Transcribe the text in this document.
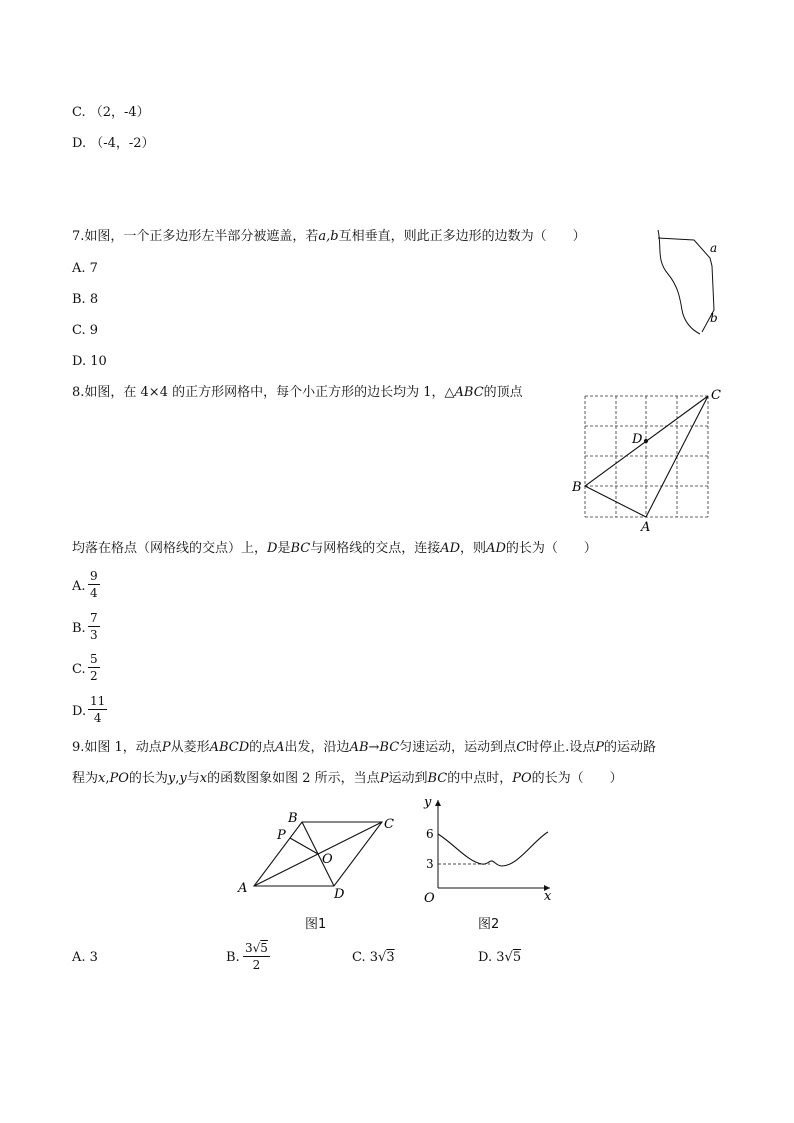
C. （2，-4）
D. （-4，-2）
7.如图，一个正多边形左半部分被遮盖，若a,b互相垂直，则此正多边形的边数为（　　）
A. 7
B. 8
C. 9
D. 10
a
b
8.如图，在 4×4 的正方形网格中，每个小正方形的边长均为 1，△ABC的顶点	C
D
B
A
均落在格点（网格线的交点）上，D是BC与网格线的交点，连接AD，则AD的长为（　　）
A. $\frac{9}{4}$
B. $\frac{7}{3}$
C. $\frac{5}{2}$
D. $\frac{11}{4}$
9.如图 1，动点P从菱形ABCD的点A出发，沿边AB→BC匀速运动，运动到点C时停止.设点P的运动路
程为x,PO的长为y,y与x的函数图象如图 2 所示，当点P运动到BC的中点时，PO的长为（　　）
B	C
P
O
A	D
图1
y
6
3
O	x
图2
A. 3	B. $\frac{3√5}{2}$	C. 3√3	D. 3√5
